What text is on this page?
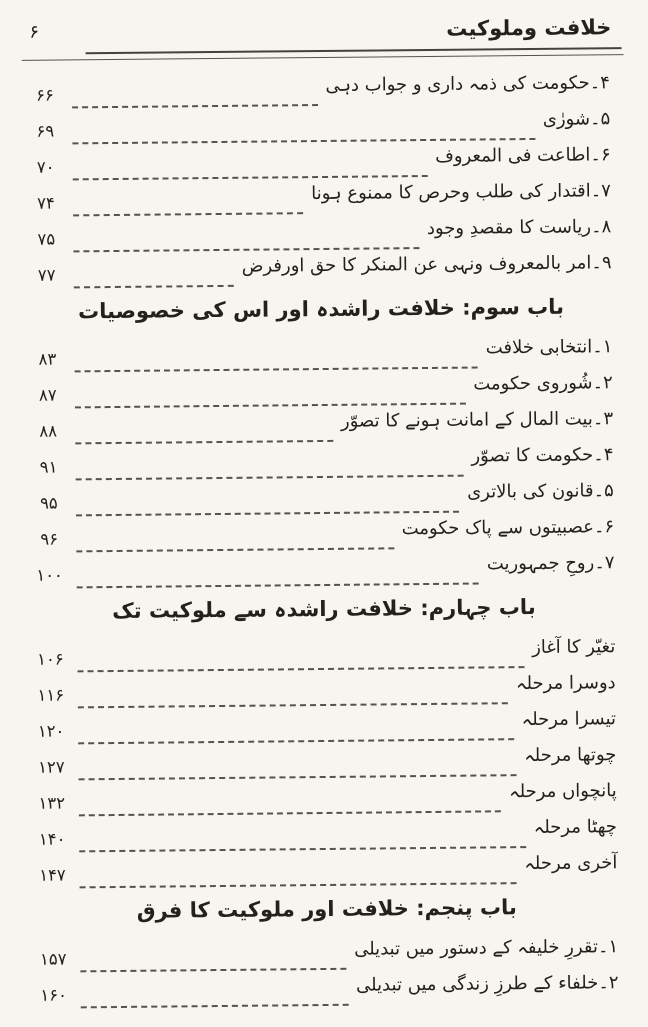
خلافت وملوکیت
۶
۴۔حکومت کی ذمہ داری و جواب دہی
۶۶
۵۔شورٰی
۶۹
۶۔اطاعت فی المعروف
۷۰
۷۔اقتدار کی طلب وحرص کا ممنوع ہونا
۷۴
۸۔ریاست کا مقصدِ وجود
۷۵
۹۔امر بالمعروف ونہی عن المنکر کا حق اورفرض
۷۷
باب سوم: خلافت راشدہ اور اس کی خصوصیات
۱۔انتخابی خلافت
۸۳
۲۔شُوروی حکومت
۸۷
۳۔بیت المال کے امانت ہونے کا تصوّر
۸۸
۴۔حکومت کا تصوّر
۹۱
۵۔قانون کی بالاتری
۹۵
۶۔عصبیتوں سے پاک حکومت
۹۶
۷۔روحِ جمہوریت
۱۰۰
باب چہارم: خلافت راشدہ سے ملوکیت تک
تغیّر کا آغاز
۱۰۶
دوسرا مرحلہ
۱۱۶
تیسرا مرحلہ
۱۲۰
چوتھا مرحلہ
۱۲۷
پانچواں مرحلہ
۱۳۲
چھٹا مرحلہ
۱۴۰
آخری مرحلہ
۱۴۷
باب پنجم: خلافت اور ملوکیت کا فرق
۱۔تقررِ خلیفہ کے دستور میں تبدیلی
۱۵۷
۲۔خلفاء کے طرزِ زندگی میں تبدیلی
۱۶۰
